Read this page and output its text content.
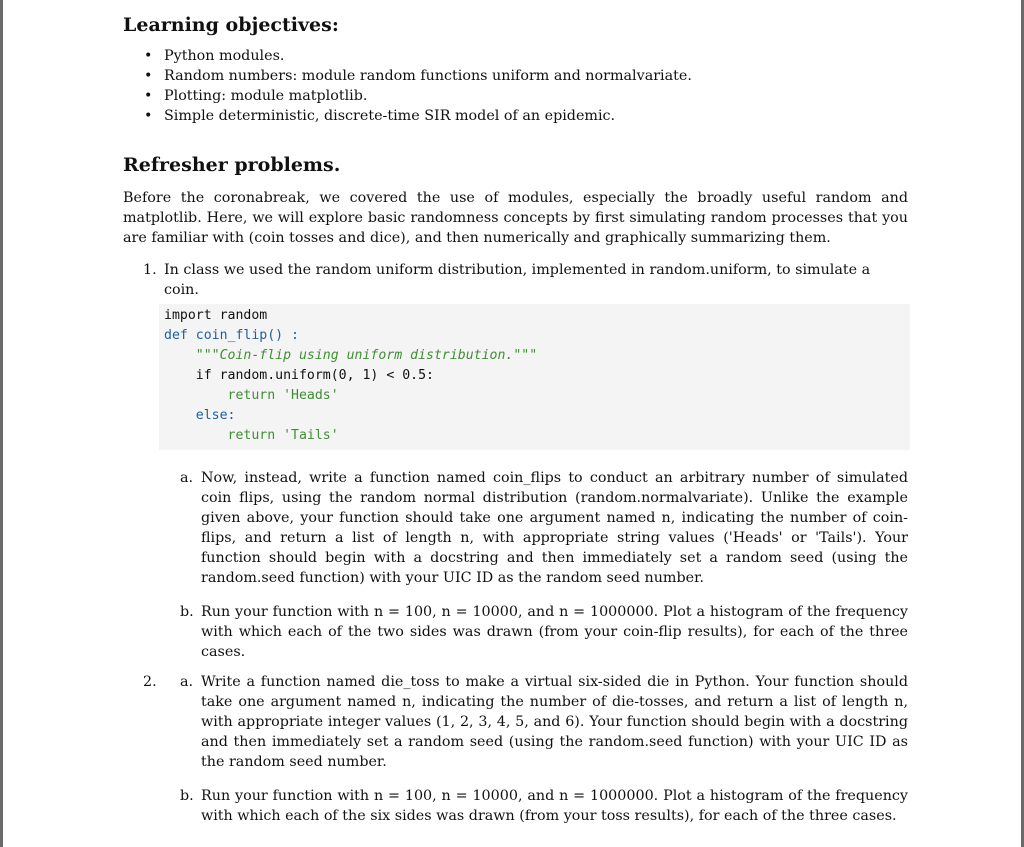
Learning objectives:
• Python modules.
• Random numbers: module random functions uniform and normalvariate.
• Plotting: module matplotlib.
• Simple deterministic, discrete-time SIR model of an epidemic.
Refresher problems.
Before the coronabreak, we covered the use of modules, especially the broadly useful random and matplotlib. Here, we will explore basic randomness concepts by first simulating random processes that you are familiar with (coin tosses and dice), and then numerically and graphically summarizing them.
1. In class we used the random uniform distribution, implemented in random.uniform, to simulate a coin.
import random
def coin_flip() :
"""Coin-flip using uniform distribution."""
if random.uniform(0, 1) < 0.5:
return 'Heads'
else:
return 'Tails'
a. Now, instead, write a function named coin_flips to conduct an arbitrary number of simulated coin flips, using the random normal distribution (random.normalvariate). Unlike the example given above, your function should take one argument named n, indicating the number of coin-flips, and return a list of length n, with appropriate string values ('Heads' or 'Tails'). Your function should begin with a docstring and then immediately set a random seed (using the random.seed function) with your UIC ID as the random seed number.
b. Run your function with n = 100, n = 10000, and n = 1000000. Plot a histogram of the frequency with which each of the two sides was drawn (from your coin-flip results), for each of the three cases.
2. a. Write a function named die_toss to make a virtual six-sided die in Python. Your function should take one argument named n, indicating the number of die-tosses, and return a list of length n, with appropriate integer values (1, 2, 3, 4, 5, and 6). Your function should begin with a docstring and then immediately set a random seed (using the random.seed function) with your UIC ID as the random seed number.
b. Run your function with n = 100, n = 10000, and n = 1000000. Plot a histogram of the frequency with which each of the six sides was drawn (from your toss results), for each of the three cases.
